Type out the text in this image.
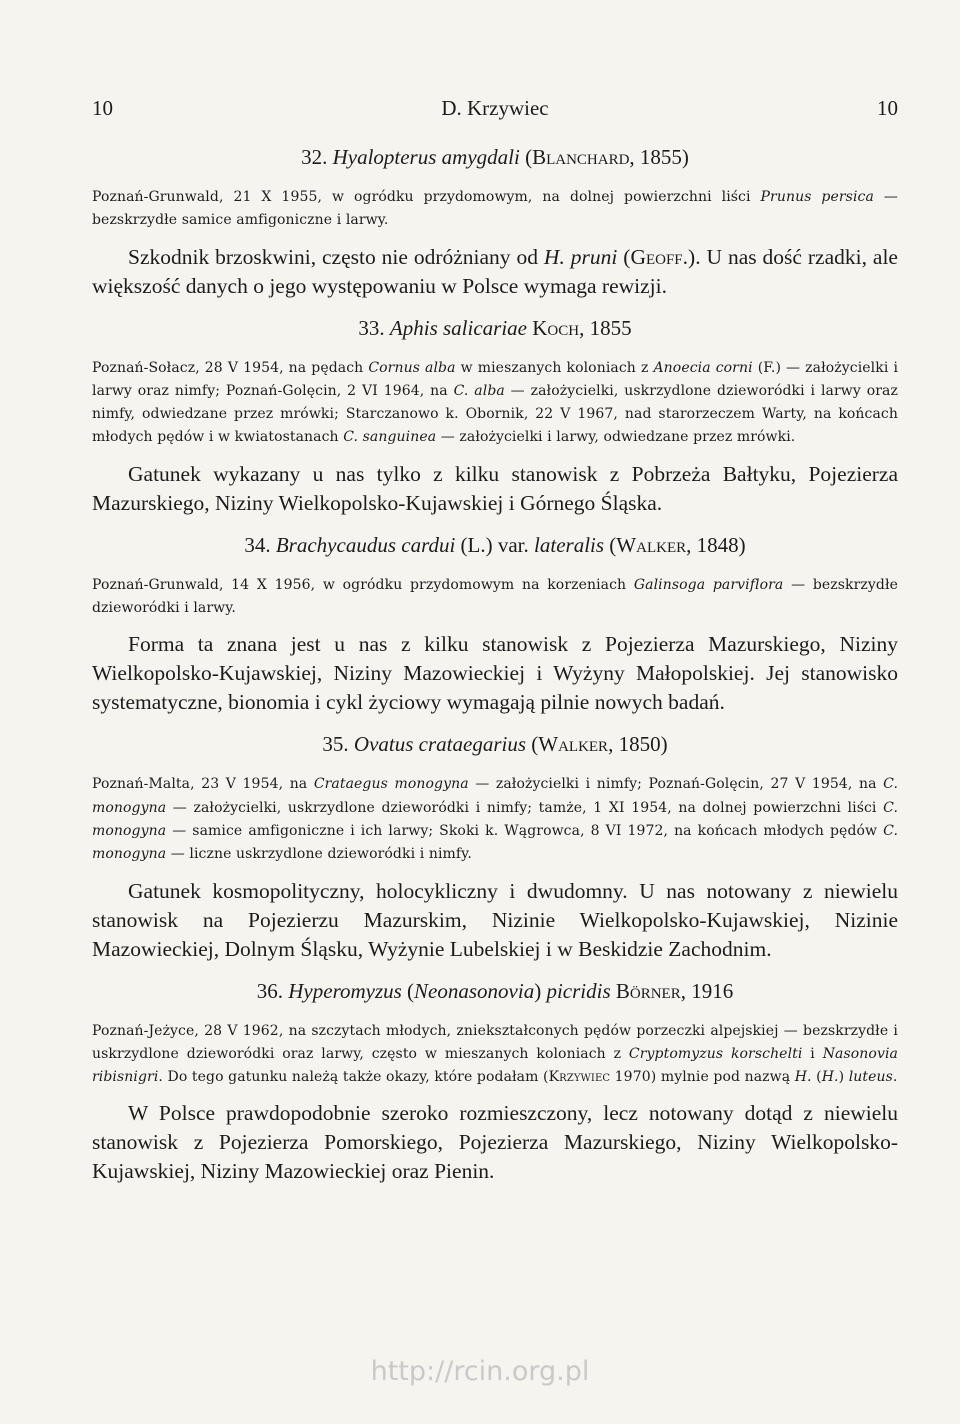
10	D. Krzywiec	10
32. Hyalopterus amygdali (Blanchard, 1855)

Poznań-Grunwald, 21 X 1955, w ogródku przydomowym, na dolnej powierzchni liści Prunus persica — bezskrzydłe samice amfigoniczne i larwy.

Szkodnik brzoskwini, często nie odróżniany od H. pruni (Geoff.). U nas dość rzadki, ale większość danych o jego występowaniu w Polsce wymaga rewizji.

33. Aphis salicariae Koch, 1855

Poznań-Sołacz, 28 V 1954, na pędach Cornus alba w mieszanych koloniach z Anoecia corni (F.) — założycielki i larwy oraz nimfy; Poznań-Golęcin, 2 VI 1964, na C. alba — założycielki, uskrzydlone dzieworódki i larwy oraz nimfy, odwiedzane przez mrówki; Starczanowo k. Obornik, 22 V 1967, nad starorzeczem Warty, na końcach młodych pędów i w kwiatostanach C. sanguinea — założycielki i larwy, odwiedzane przez mrówki.

Gatunek wykazany u nas tylko z kilku stanowisk z Pobrzeża Bałtyku, Pojezierza Mazurskiego, Niziny Wielkopolsko-Kujawskiej i Górnego Śląska.

34. Brachycaudus cardui (L.) var. lateralis (Walker, 1848)

Poznań-Grunwald, 14 X 1956, w ogródku przydomowym na korzeniach Galinsoga parviflora — bezskrzydłe dzieworódki i larwy.

Forma ta znana jest u nas z kilku stanowisk z Pojezierza Mazurskiego, Niziny Wielkopolsko-Kujawskiej, Niziny Mazowieckiej i Wyżyny Małopolskiej. Jej stanowisko systematyczne, bionomia i cykl życiowy wymagają pilnie nowych badań.

35. Ovatus crataegarius (Walker, 1850)

Poznań-Malta, 23 V 1954, na Crataegus monogyna — założycielki i nimfy; Poznań-Golęcin, 27 V 1954, na C. monogyna — założycielki, uskrzydlone dzieworódki i nimfy; tamże, 1 XI 1954, na dolnej powierzchni liści C. monogyna — samice amfigoniczne i ich larwy; Skoki k. Wągrowca, 8 VI 1972, na końcach młodych pędów C. monogyna — liczne uskrzydlone dzieworódki i nimfy.

Gatunek kosmopolityczny, holocykliczny i dwudomny. U nas notowany z niewielu stanowisk na Pojezierzu Mazurskim, Nizinie Wielkopolsko-Kujawskiej, Nizinie Mazowieckiej, Dolnym Śląsku, Wyżynie Lubelskiej i w Beskidzie Zachodnim.

36. Hyperomyzus (Neonasonovia) picridis Börner, 1916

Poznań-Jeżyce, 28 V 1962, na szczytach młodych, zniekształconych pędów porzeczki alpejskiej — bezskrzydłe i uskrzydlone dzieworódki oraz larwy, często w mieszanych koloniach z Cryptomyzus korschelti i Nasonovia ribisnigri. Do tego gatunku należą także okazy, które podałam (Krzywiec 1970) mylnie pod nazwą H. (H.) luteus.

W Polsce prawdopodobnie szeroko rozmieszczony, lecz notowany dotąd z niewielu stanowisk z Pojezierza Pomorskiego, Pojezierza Mazurskiego, Niziny Wielkopolsko-Kujawskiej, Niziny Mazowieckiej oraz Pienin.

http://rcin.org.pl
